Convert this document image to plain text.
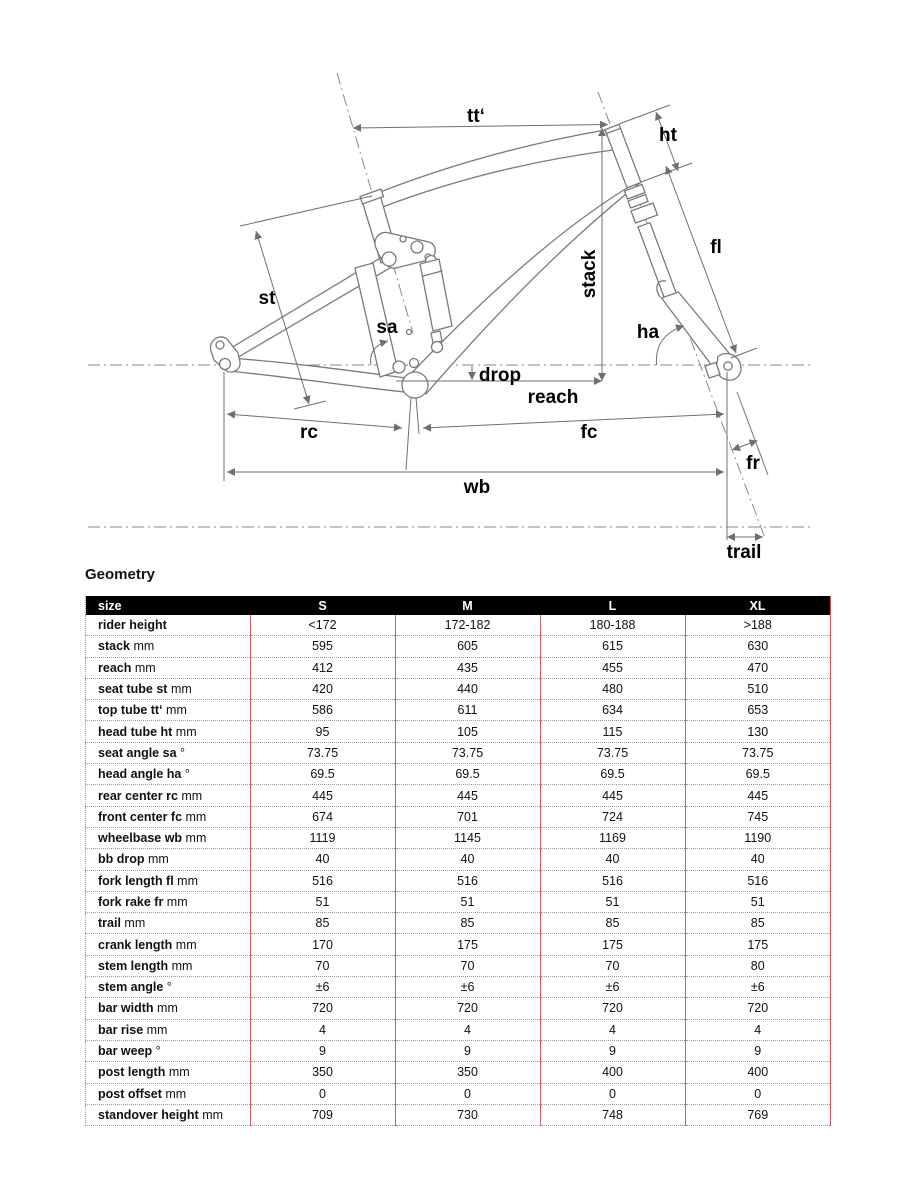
tt‘
ht
fl
stack
ha
sa
st
drop
reach
rc	fc
wb
fr
trail
Geometry
size	S	M	L	XL
rider height	<172	172-182	180-188	>188
stack mm	595	605	615	630
reach mm	412	435	455	470
seat tube st mm	420	440	480	510
top tube tt‘ mm	586	611	634	653
head tube ht mm	95	105	115	130
seat angle sa °	73.75	73.75	73.75	73.75
head angle ha °	69.5	69.5	69.5	69.5
rear center rc mm	445	445	445	445
front center fc mm	674	701	724	745
wheelbase wb mm	1119	1145	1169	1190
bb drop mm	40	40	40	40
fork length fl mm	516	516	516	516
fork rake fr mm	51	51	51	51
trail mm	85	85	85	85
crank length mm	170	175	175	175
stem length mm	70	70	70	80
stem angle °	±6	±6	±6	±6
bar width mm	720	720	720	720
bar rise mm	4	4	4	4
bar weep °	9	9	9	9
post length mm	350	350	400	400
post offset mm	0	0	0	0
standover height mm	709	730	748	769
